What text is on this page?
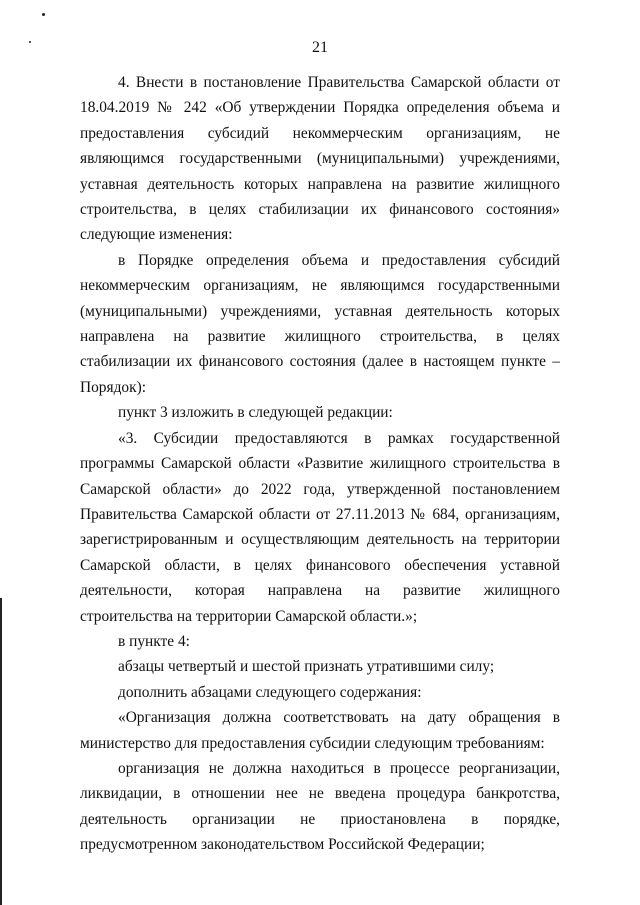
21

4. Внести в постановление Правительства Самарской области от 18.04.2019 № 242 «Об утверждении Порядка определения объема и предоставления субсидий некоммерческим организациям, не являющимся государственными (муниципальными) учреждениями, уставная деятельность которых направлена на развитие жилищного строительства, в целях стабилизации их финансового состояния» следующие изменения:

в Порядке определения объема и предоставления субсидий некоммерческим организациям, не являющимся государственными (муниципальными) учреждениями, уставная деятельность которых направлена на развитие жилищного строительства, в целях стабилизации их финансового состояния (далее в настоящем пункте – Порядок):

пункт 3 изложить в следующей редакции:

«3. Субсидии предоставляются в рамках государственной программы Самарской области «Развитие жилищного строительства в Самарской области» до 2022 года, утвержденной постановлением Правительства Самарской области от 27.11.2013 № 684, организациям, зарегистрированным и осуществляющим деятельность на территории Самарской области, в целях финансового обеспечения уставной деятельности, которая направлена на развитие жилищного строительства на территории Самарской области.»;

в пункте 4:

абзацы четвертый и шестой признать утратившими силу;

дополнить абзацами следующего содержания:

«Организация должна соответствовать на дату обращения в министерство для предоставления субсидии следующим требованиям:

организация не должна находиться в процессе реорганизации, ликвидации, в отношении нее не введена процедура банкротства, деятельность организации не приостановлена в порядке, предусмотренном законодательством Российской Федерации;
